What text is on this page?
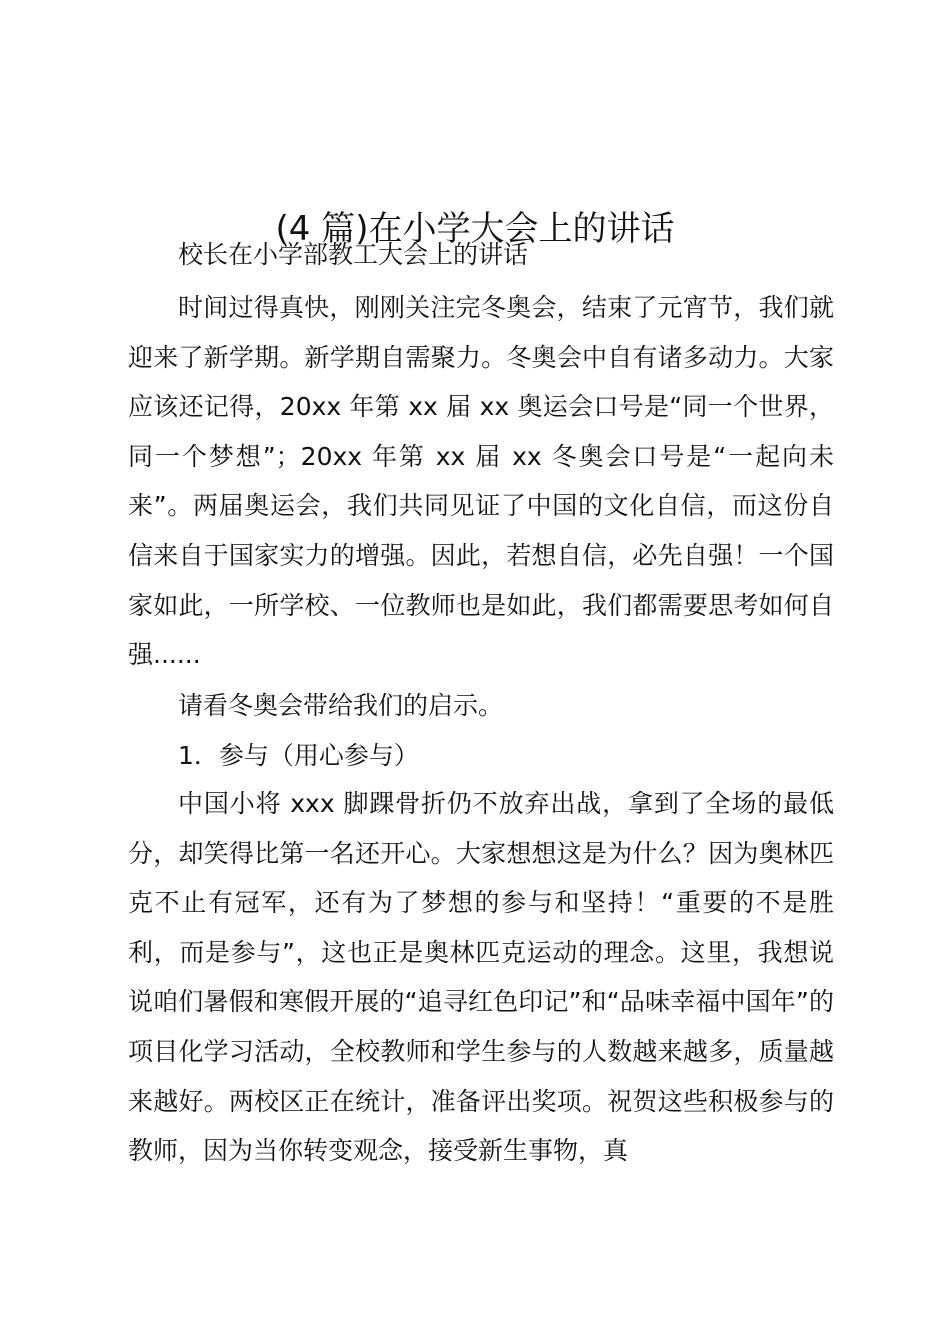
(4 篇)在小学大会上的讲话
校长在小学部教工大会上的讲话

时间过得真快，刚刚关注完冬奥会，结束了元宵节，我们就迎来了新学期。新学期自需聚力。冬奥会中自有诸多动力。大家应该还记得，20xx 年第 xx 届 xx 奥运会口号是“同一个世界，同一个梦想”；20xx 年第 xx 届 xx 冬奥会口号是“一起向未来”。两届奥运会，我们共同见证了中国的文化自信，而这份自信来自于国家实力的增强。因此，若想自信，必先自强！一个国家如此，一所学校、一位教师也是如此，我们都需要思考如何自强......

请看冬奥会带给我们的启示。

1．参与（用心参与）

中国小将 xxx 脚踝骨折仍不放弃出战，拿到了全场的最低分，却笑得比第一名还开心。大家想想这是为什么？因为奥林匹克不止有冠军，还有为了梦想的参与和坚持！“重要的不是胜利，而是参与”，这也正是奥林匹克运动的理念。这里，我想说说咱们暑假和寒假开展的“追寻红色印记”和“品味幸福中国年”的项目化学习活动，全校教师和学生参与的人数越来越多，质量越来越好。两校区正在统计，准备评出奖项。祝贺这些积极参与的教师，因为当你转变观念，接受新生事物，真
